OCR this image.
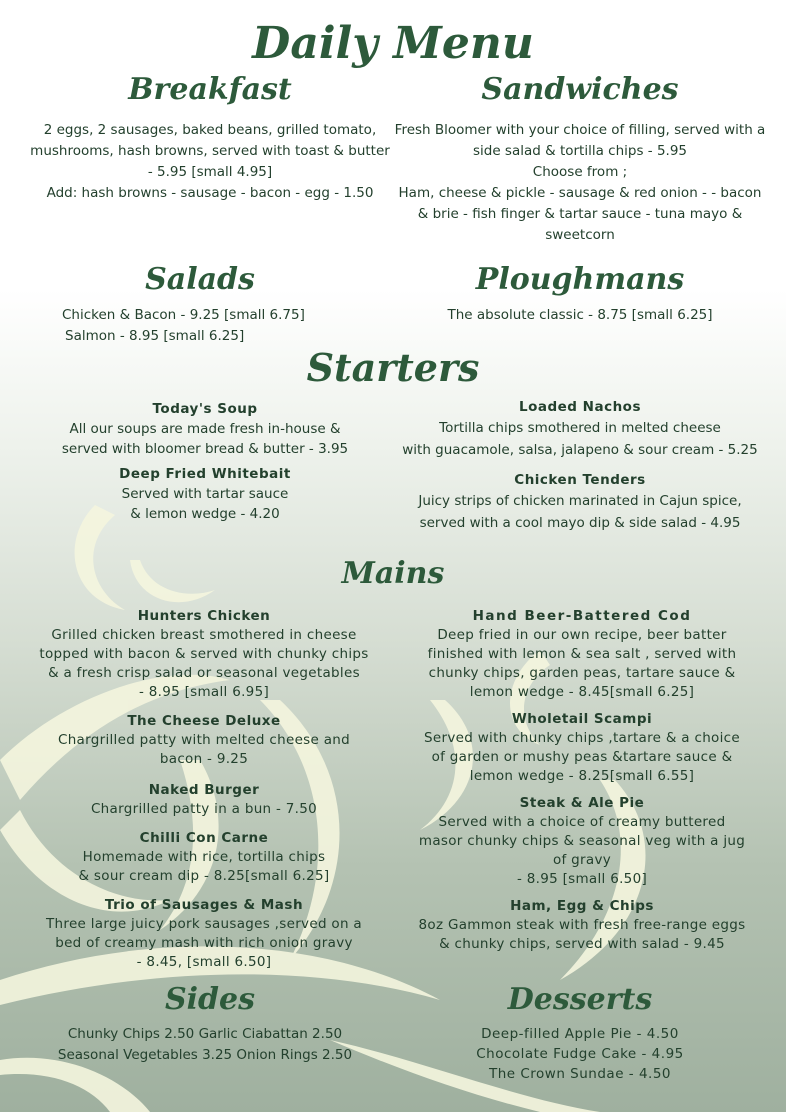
Daily Menu
Breakfast
2 eggs, 2 sausages, baked beans, grilled tomato,
mushrooms, hash browns, served with toast & butter
- 5.95 [small 4.95]
Add: hash browns - sausage - bacon - egg - 1.50
Sandwiches
Fresh Bloomer with your choice of filling, served with a
side salad & tortilla chips - 5.95
Choose from ;
Ham, cheese & pickle - sausage & red onion - - bacon
& brie - fish finger & tartar sauce - tuna mayo &
sweetcorn
Salads
Chicken & Bacon - 9.25 [small 6.75]
Salmon - 8.95 [small 6.25]
Ploughmans
The absolute classic - 8.75 [small 6.25]
Starters
Today's Soup
All our soups are made fresh in-house &
served with bloomer bread & butter - 3.95
Deep Fried Whitebait
Served with tartar sauce
& lemon wedge - 4.20
Loaded Nachos
Tortilla chips smothered in melted cheese
with guacamole, salsa, jalapeno & sour cream - 5.25
Chicken Tenders
Juicy strips of chicken marinated in Cajun spice,
served with a cool mayo dip & side salad - 4.95
Mains
Hunters Chicken
Grilled chicken breast smothered in cheese
topped with bacon & served with chunky chips
& a fresh crisp salad or seasonal vegetables
- 8.95 [small 6.95]
The Cheese Deluxe
Chargrilled patty with melted cheese and
bacon - 9.25
Naked Burger
Chargrilled patty in a bun - 7.50
Chilli Con Carne
Homemade with rice, tortilla chips
& sour cream dip - 8.25[small 6.25]
Trio of Sausages & Mash
Three large juicy pork sausages ,served on a
bed of creamy mash with rich onion gravy
- 8.45, [small 6.50]
Hand Beer-Battered Cod
Deep fried in our own recipe, beer batter
finished with lemon & sea salt , served with
chunky chips, garden peas, tartare sauce &
lemon wedge - 8.45[small 6.25]
Wholetail Scampi
Served with chunky chips ,tartare & a choice
of garden or mushy peas &tartare sauce &
lemon wedge - 8.25[small 6.55]
Steak & Ale Pie
Served with a choice of creamy buttered
masor chunky chips & seasonal veg with a jug
of gravy
- 8.95 [small 6.50]
Ham, Egg & Chips
8oz Gammon steak with fresh free-range eggs
& chunky chips, served with salad - 9.45
Sides
Chunky Chips 2.50 Garlic Ciabattan 2.50
Seasonal Vegetables 3.25 Onion Rings 2.50
Desserts
Deep-filled Apple Pie - 4.50
Chocolate Fudge Cake - 4.95
The Crown Sundae - 4.50
